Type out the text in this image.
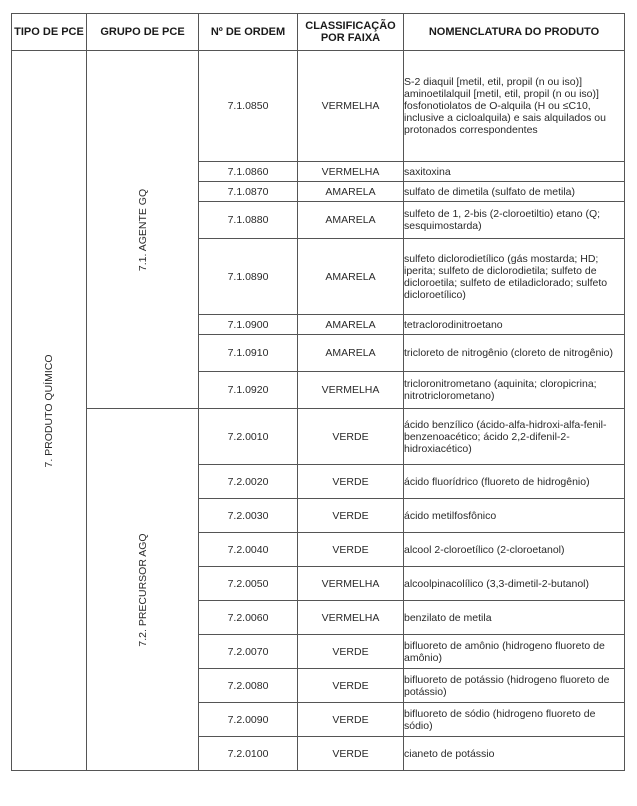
TIPO DE PCE	GRUPO DE PCE	Nº DE ORDEM	CLASSIFICAÇÃO POR FAIXA	NOMENCLATURA DO PRODUTO

7. PRODUTO QUÍMICO	7.1. AGENTE GQ	7.1.0850	VERMELHA	S-2 diaquil [metil, etil, propil (n ou iso)] aminoetilalquil [metil, etil, propil (n ou iso)] fosfonotiolatos de O-alquila (H ou ≤C10, inclusive a cicloalquila) e sais alquilados ou protonados correspondentes
		7.1.0860	VERMELHA	saxitoxina
		7.1.0870	AMARELA	sulfato de dimetila (sulfato de metila)
		7.1.0880	AMARELA	sulfeto de 1, 2-bis (2-cloroetiltio) etano (Q; sesquimostarda)
		7.1.0890	AMARELA	sulfeto diclorodietílico (gás mostarda; HD; iperita; sulfeto de diclorodietila; sulfeto de dicloroetila; sulfeto de etiladiclorado; sulfeto dicloroetílico)
		7.1.0900	AMARELA	tetraclorodinitroetano
		7.1.0910	AMARELA	tricloreto de nitrogênio (cloreto de nitrogênio)
		7.1.0920	VERMELHA	tricloronitrometano (aquinita; cloropicrina; nitrotriclorometano)

	7.2. PRECURSOR AGQ	7.2.0010	VERDE	ácido benzílico (ácido-alfa-hidroxi-alfa-fenil-benzenoacético; ácido 2,2-difenil-2-hidroxiacético)
		7.2.0020	VERDE	ácido fluorídrico (fluoreto de hidrogênio)
		7.2.0030	VERDE	ácido metilfosfônico
		7.2.0040	VERDE	alcool 2-cloroetílico (2-cloroetanol)
		7.2.0050	VERMELHA	alcoolpinacolílico (3,3-dimetil-2-butanol)
		7.2.0060	VERMELHA	benzilato de metila
		7.2.0070	VERDE	bifluoreto de amônio (hidrogeno fluoreto de amônio)
		7.2.0080	VERDE	bifluoreto de potássio (hidrogeno fluoreto de potássio)
		7.2.0090	VERDE	bifluoreto de sódio (hidrogeno fluoreto de sódio)
		7.2.0100	VERDE	cianeto de potássio
